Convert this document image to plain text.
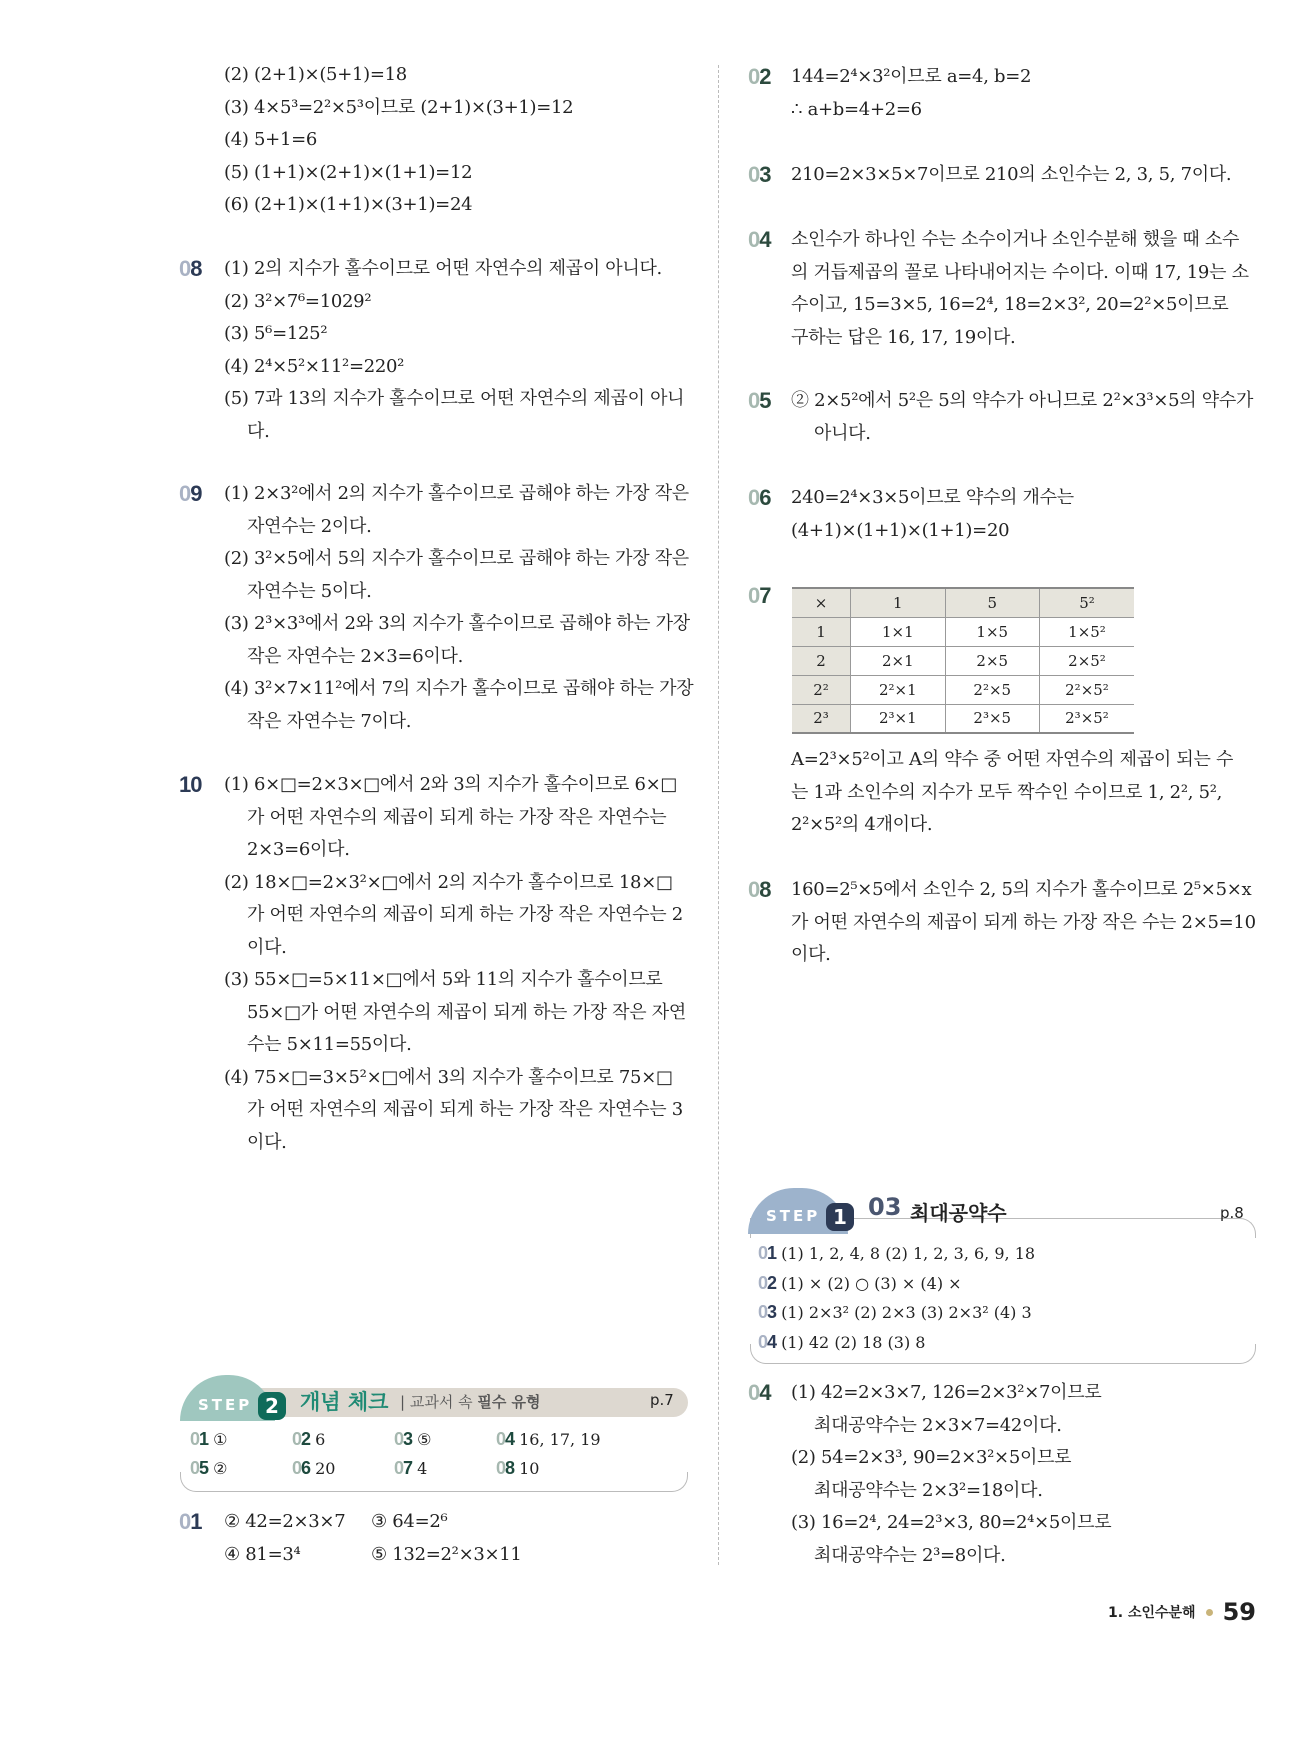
(2) (2+1)×(5+1)=18
(3) 4×5³=2²×5³이므로 (2+1)×(3+1)=12
(4) 5+1=6
(5) (1+1)×(2+1)×(1+1)=12
(6) (2+1)×(1+1)×(3+1)=24
08 (1) 2의 지수가 홀수이므로 어떤 자연수의 제곱이 아니다.
(2) 3²×7⁶=1029²
(3) 5⁶=125²
(4) 2⁴×5²×11²=220²
(5) 7과 13의 지수가 홀수이므로 어떤 자연수의 제곱이 아니
다.
09 (1) 2×3²에서 2의 지수가 홀수이므로 곱해야 하는 가장 작은
자연수는 2이다.
(2) 3²×5에서 5의 지수가 홀수이므로 곱해야 하는 가장 작은
자연수는 5이다.
(3) 2³×3³에서 2와 3의 지수가 홀수이므로 곱해야 하는 가장
작은 자연수는 2×3=6이다.
(4) 3²×7×11²에서 7의 지수가 홀수이므로 곱해야 하는 가장
작은 자연수는 7이다.
10 (1) 6×□=2×3×□에서 2와 3의 지수가 홀수이므로 6×□
가 어떤 자연수의 제곱이 되게 하는 가장 작은 자연수는
2×3=6이다.
(2) 18×□=2×3²×□에서 2의 지수가 홀수이므로 18×□
가 어떤 자연수의 제곱이 되게 하는 가장 작은 자연수는 2
이다.
(3) 55×□=5×11×□에서 5와 11의 지수가 홀수이므로
55×□가 어떤 자연수의 제곱이 되게 하는 가장 작은 자연
수는 5×11=55이다.
(4) 75×□=3×5²×□에서 3의 지수가 홀수이므로 75×□
가 어떤 자연수의 제곱이 되게 하는 가장 작은 자연수는 3
이다.
STEP 2	개념 체크 | 교과서 속 필수 유형	p.7
01 ①	02 6	03 ⑤	04 16, 17, 19
05 ②	06 20	07 4	08 10
01 ② 42=2×3×7 ③ 64=2⁶
④ 81=3⁴	⑤ 132=2²×3×11
02 144=2⁴×3²이므로 a=4, b=2
∴ a+b=4+2=6
03 210=2×3×5×7이므로 210의 소인수는 2, 3, 5, 7이다.
04 소인수가 하나인 수는 소수이거나 소인수분해 했을 때 소수
의 거듭제곱의 꼴로 나타내어지는 수이다. 이때 17, 19는 소
수이고, 15=3×5, 16=2⁴, 18=2×3², 20=2²×5이므로
구하는 답은 16, 17, 19이다.
05 ② 2×5²에서 5²은 5의 약수가 아니므로 2²×3³×5의 약수가
아니다.
06 240=2⁴×3×5이므로 약수의 개수는
(4+1)×(1+1)×(1+1)=20
07	×	1	5	5²
1	1×1	1×5	1×5²
2	2×1	2×5	2×5²
2²	2²×1	2²×5	2²×5²
2³	2³×1	2³×5	2³×5²
A=2³×5²이고 A의 약수 중 어떤 자연수의 제곱이 되는 수
는 1과 소인수의 지수가 모두 짝수인 수이므로 1, 2², 5²,
2²×5²의 4개이다.
08 160=2⁵×5에서 소인수 2, 5의 지수가 홀수이므로 2⁵×5×x
가 어떤 자연수의 제곱이 되게 하는 가장 작은 수는 2×5=10
이다.
STEP 1 03 최대공약수	p.8
01 (1) 1, 2, 4, 8 (2) 1, 2, 3, 6, 9, 18
02 (1) × (2) ○ (3) × (4) ×
03 (1) 2×3² (2) 2×3 (3) 2×3² (4) 3
04 (1) 42 (2) 18 (3) 8
04 (1) 42=2×3×7, 126=2×3²×7이므로
최대공약수는 2×3×7=42이다.
(2) 54=2×3³, 90=2×3²×5이므로
최대공약수는 2×3²=18이다.
(3) 16=2⁴, 24=2³×3, 80=2⁴×5이므로
최대공약수는 2³=8이다.
1. 소인수분해 59
